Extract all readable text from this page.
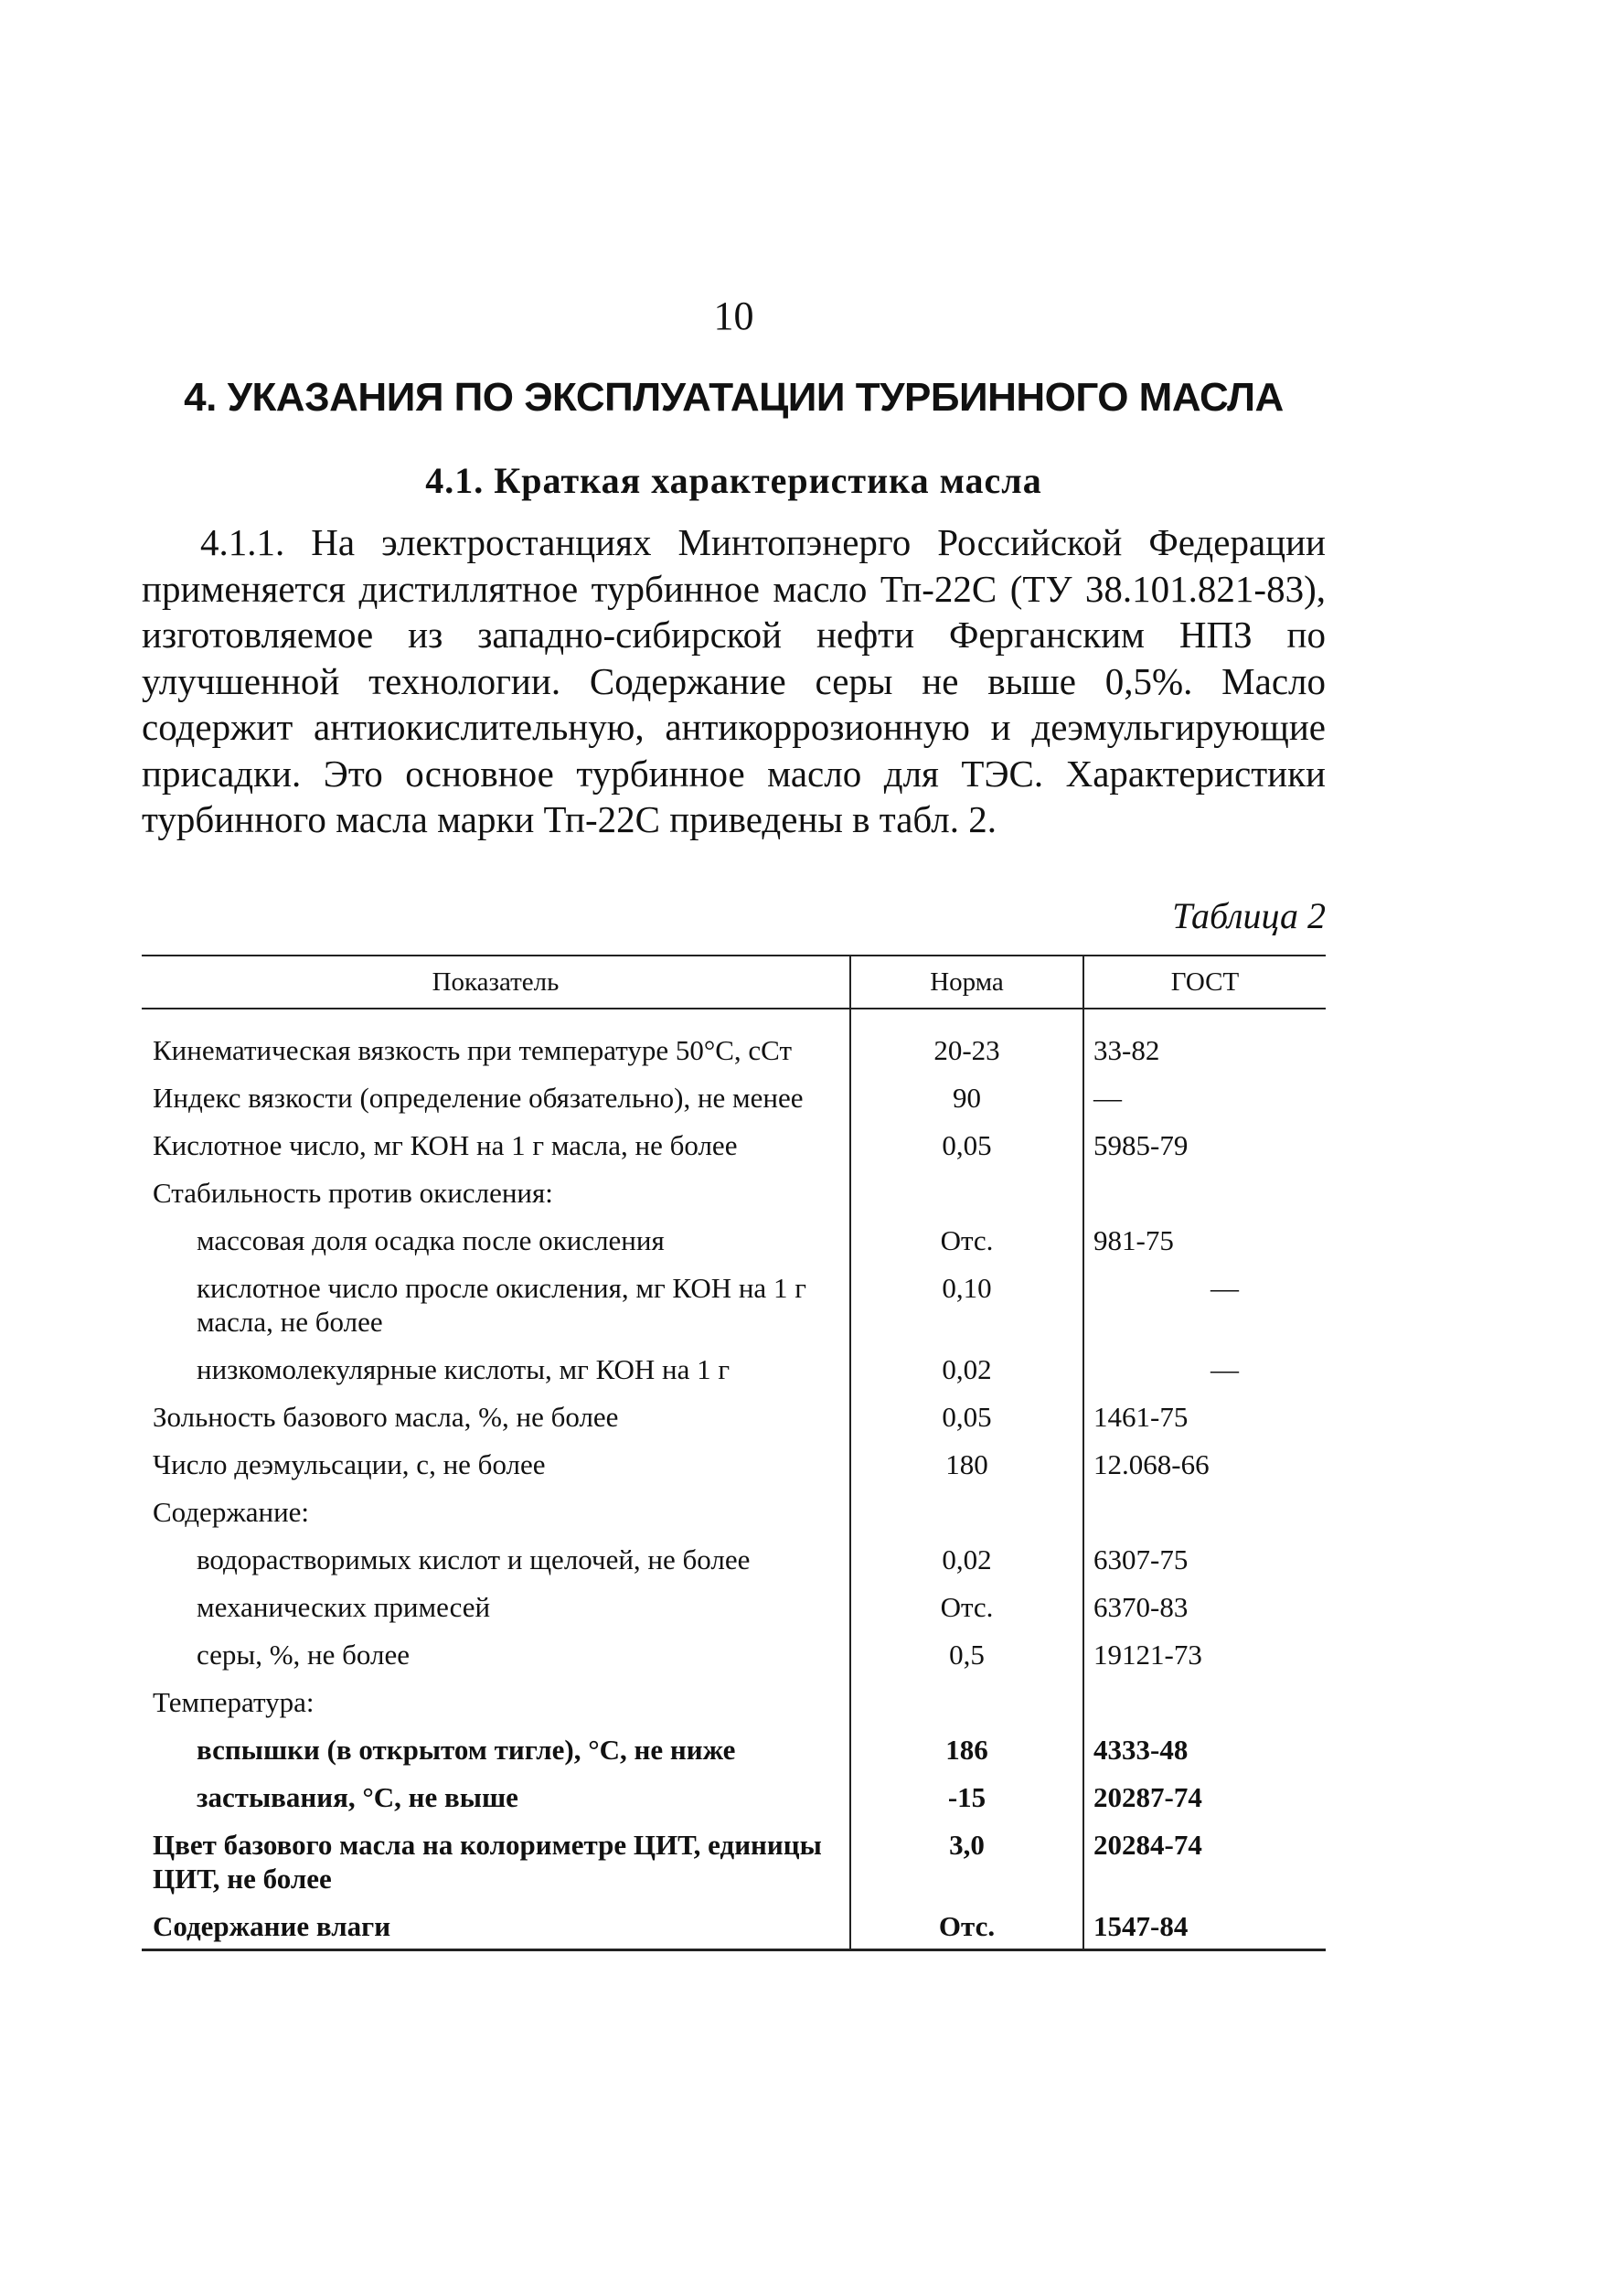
10
4. УКАЗАНИЯ ПО ЭКСПЛУАТАЦИИ ТУРБИННОГО МАСЛА
4.1. Краткая характеристика масла

4.1.1. На электростанциях Минтопэнерго Российской Федерации применяется дистиллятное турбинное масло Тп-22С (ТУ 38.101.821-83), изготовляемое из западно-сибирской нефти Ферганским НПЗ по улучшенной технологии. Содержание серы не выше 0,5%. Масло содержит антиокислительную, антикоррозионную и деэмульгирующие присадки. Это основное турбинное масло для ТЭС. Характеристики турбинного масла марки Тп-22С приведены в табл. 2.

Таблица 2
Показатель	Норма	ГОСТ
Кинематическая вязкость при температуре 50°С, сСт	20-23	33-82
Индекс вязкости (определение обязательно), не менее	90	—
Кислотное число, мг КОН на 1 г масла, не более	0,05	5985-79
Стабильность против окисления:		
массовая доля осадка после окисления	Отс.	981-75
кислотное число просле окисления, мг КОН на 1 г масла, не более	0,10	—
низкомолекулярные кислоты, мг КОН на 1 г	0,02	—
Зольность базового масла, %, не более	0,05	1461-75
Число деэмульсации, с, не более	180	12.068-66
Содержание:		
водорастворимых кислот и щелочей, не более	0,02	6307-75
механических примесей	Отс.	6370-83
серы, %, не более	0,5	19121-73
Температура:		
вспышки (в открытом тигле), °С, не ниже	186	4333-48
застывания, °С, не выше	-15	20287-74
Цвет базового масла на колориметре ЦИТ, единицы ЦИТ, не более	3,0	20284-74
Содержание влаги	Отс.	1547-84
